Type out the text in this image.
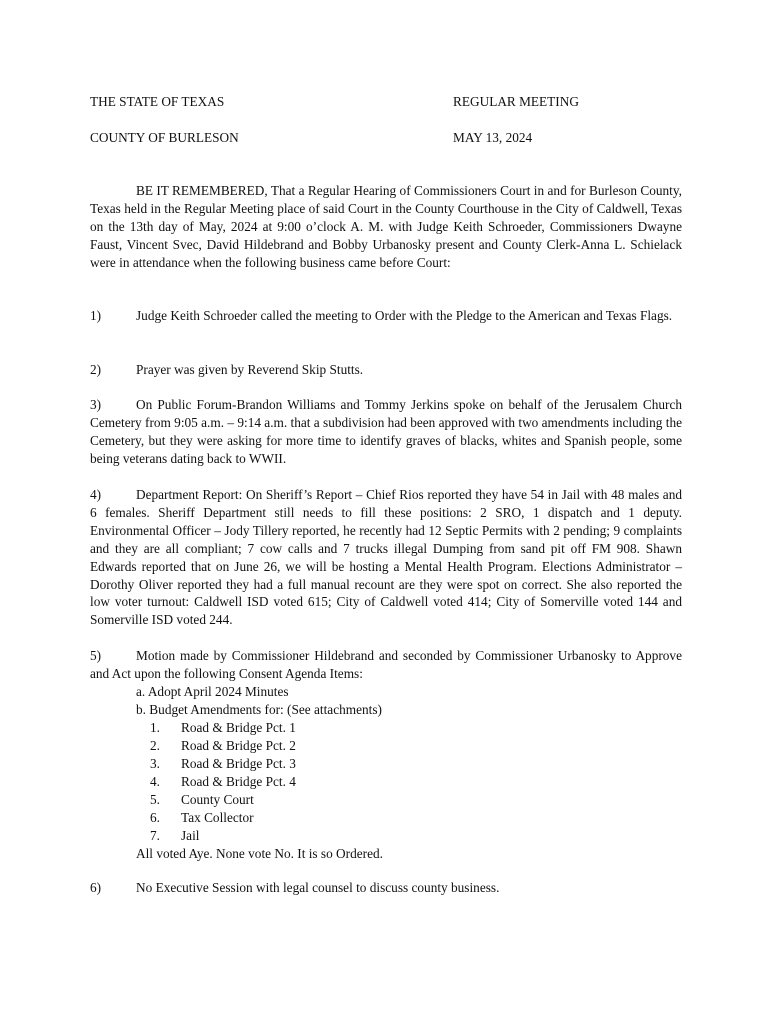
THE STATE OF TEXAS	REGULAR MEETING
COUNTY OF BURLESON	MAY 13, 2024

BE IT REMEMBERED, That a Regular Hearing of Commissioners Court in and for Burleson County, Texas held in the Regular Meeting place of said Court in the County Courthouse in the City of Caldwell, Texas on the 13th day of May, 2024 at 9:00 o’clock A. M. with Judge Keith Schroeder, Commissioners Dwayne Faust, Vincent Svec, David Hildebrand and Bobby Urbanosky present and County Clerk-Anna L. Schielack were in attendance when the following business came before Court:

1)	Judge Keith Schroeder called the meeting to Order with the Pledge to the American and Texas Flags.

2)	Prayer was given by Reverend Skip Stutts.

3)	On Public Forum-Brandon Williams and Tommy Jerkins spoke on behalf of the Jerusalem Church Cemetery from 9:05 a.m. – 9:14 a.m. that a subdivision had been approved with two amendments including the Cemetery, but they were asking for more time to identify graves of blacks, whites and Spanish people, some being veterans dating back to WWII.

4)	Department Report: On Sheriff’s Report – Chief Rios reported they have 54 in Jail with 48 males and 6 females. Sheriff Department still needs to fill these positions: 2 SRO, 1 dispatch and 1 deputy. Environmental Officer – Jody Tillery reported, he recently had 12 Septic Permits with 2 pending; 9 complaints and they are all compliant; 7 cow calls and 7 trucks illegal Dumping from sand pit off FM 908. Shawn Edwards reported that on June 26, we will be hosting a Mental Health Program. Elections Administrator – Dorothy Oliver reported they had a full manual recount are they were spot on correct. She also reported the low voter turnout: Caldwell ISD voted 615; City of Caldwell voted 414; City of Somerville voted 144 and Somerville ISD voted 244.

5)	Motion made by Commissioner Hildebrand and seconded by Commissioner Urbanosky to Approve and Act upon the following Consent Agenda Items:

a. Adopt April 2024 Minutes
b. Budget Amendments for: (See attachments)
1. Road & Bridge Pct. 1
2. Road & Bridge Pct. 2
3. Road & Bridge Pct. 3
4. Road & Bridge Pct. 4
5. County Court
6. Tax Collector
7. Jail
All voted Aye. None vote No. It is so Ordered.

6)	No Executive Session with legal counsel to discuss county business.
